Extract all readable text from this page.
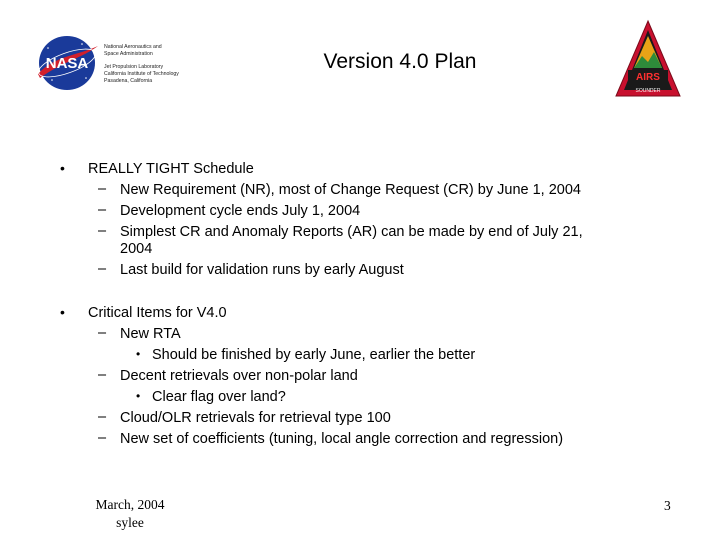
NASA
National Aeronautics and
Space Administration
Jet Propulsion Laboratory
California Institute of Technology
Pasadena, California
Version 4.0 Plan
AIRS
SOUNDER
• REALLY TIGHT Schedule
– New Requirement (NR), most of Change Request (CR) by June 1, 2004
– Development cycle ends July 1, 2004
– Simplest CR and Anomaly Reports (AR) can be made by end of July 21,
2004
– Last build for validation runs by early August
• Critical Items for V4.0
– New RTA
• Should be finished by early June, earlier the better
– Decent retrievals over non-polar land
• Clear flag over land?
– Cloud/OLR retrievals for retrieval type 100
– New set of coefficients (tuning, local angle correction and regression)
March, 2004
sylee
3
